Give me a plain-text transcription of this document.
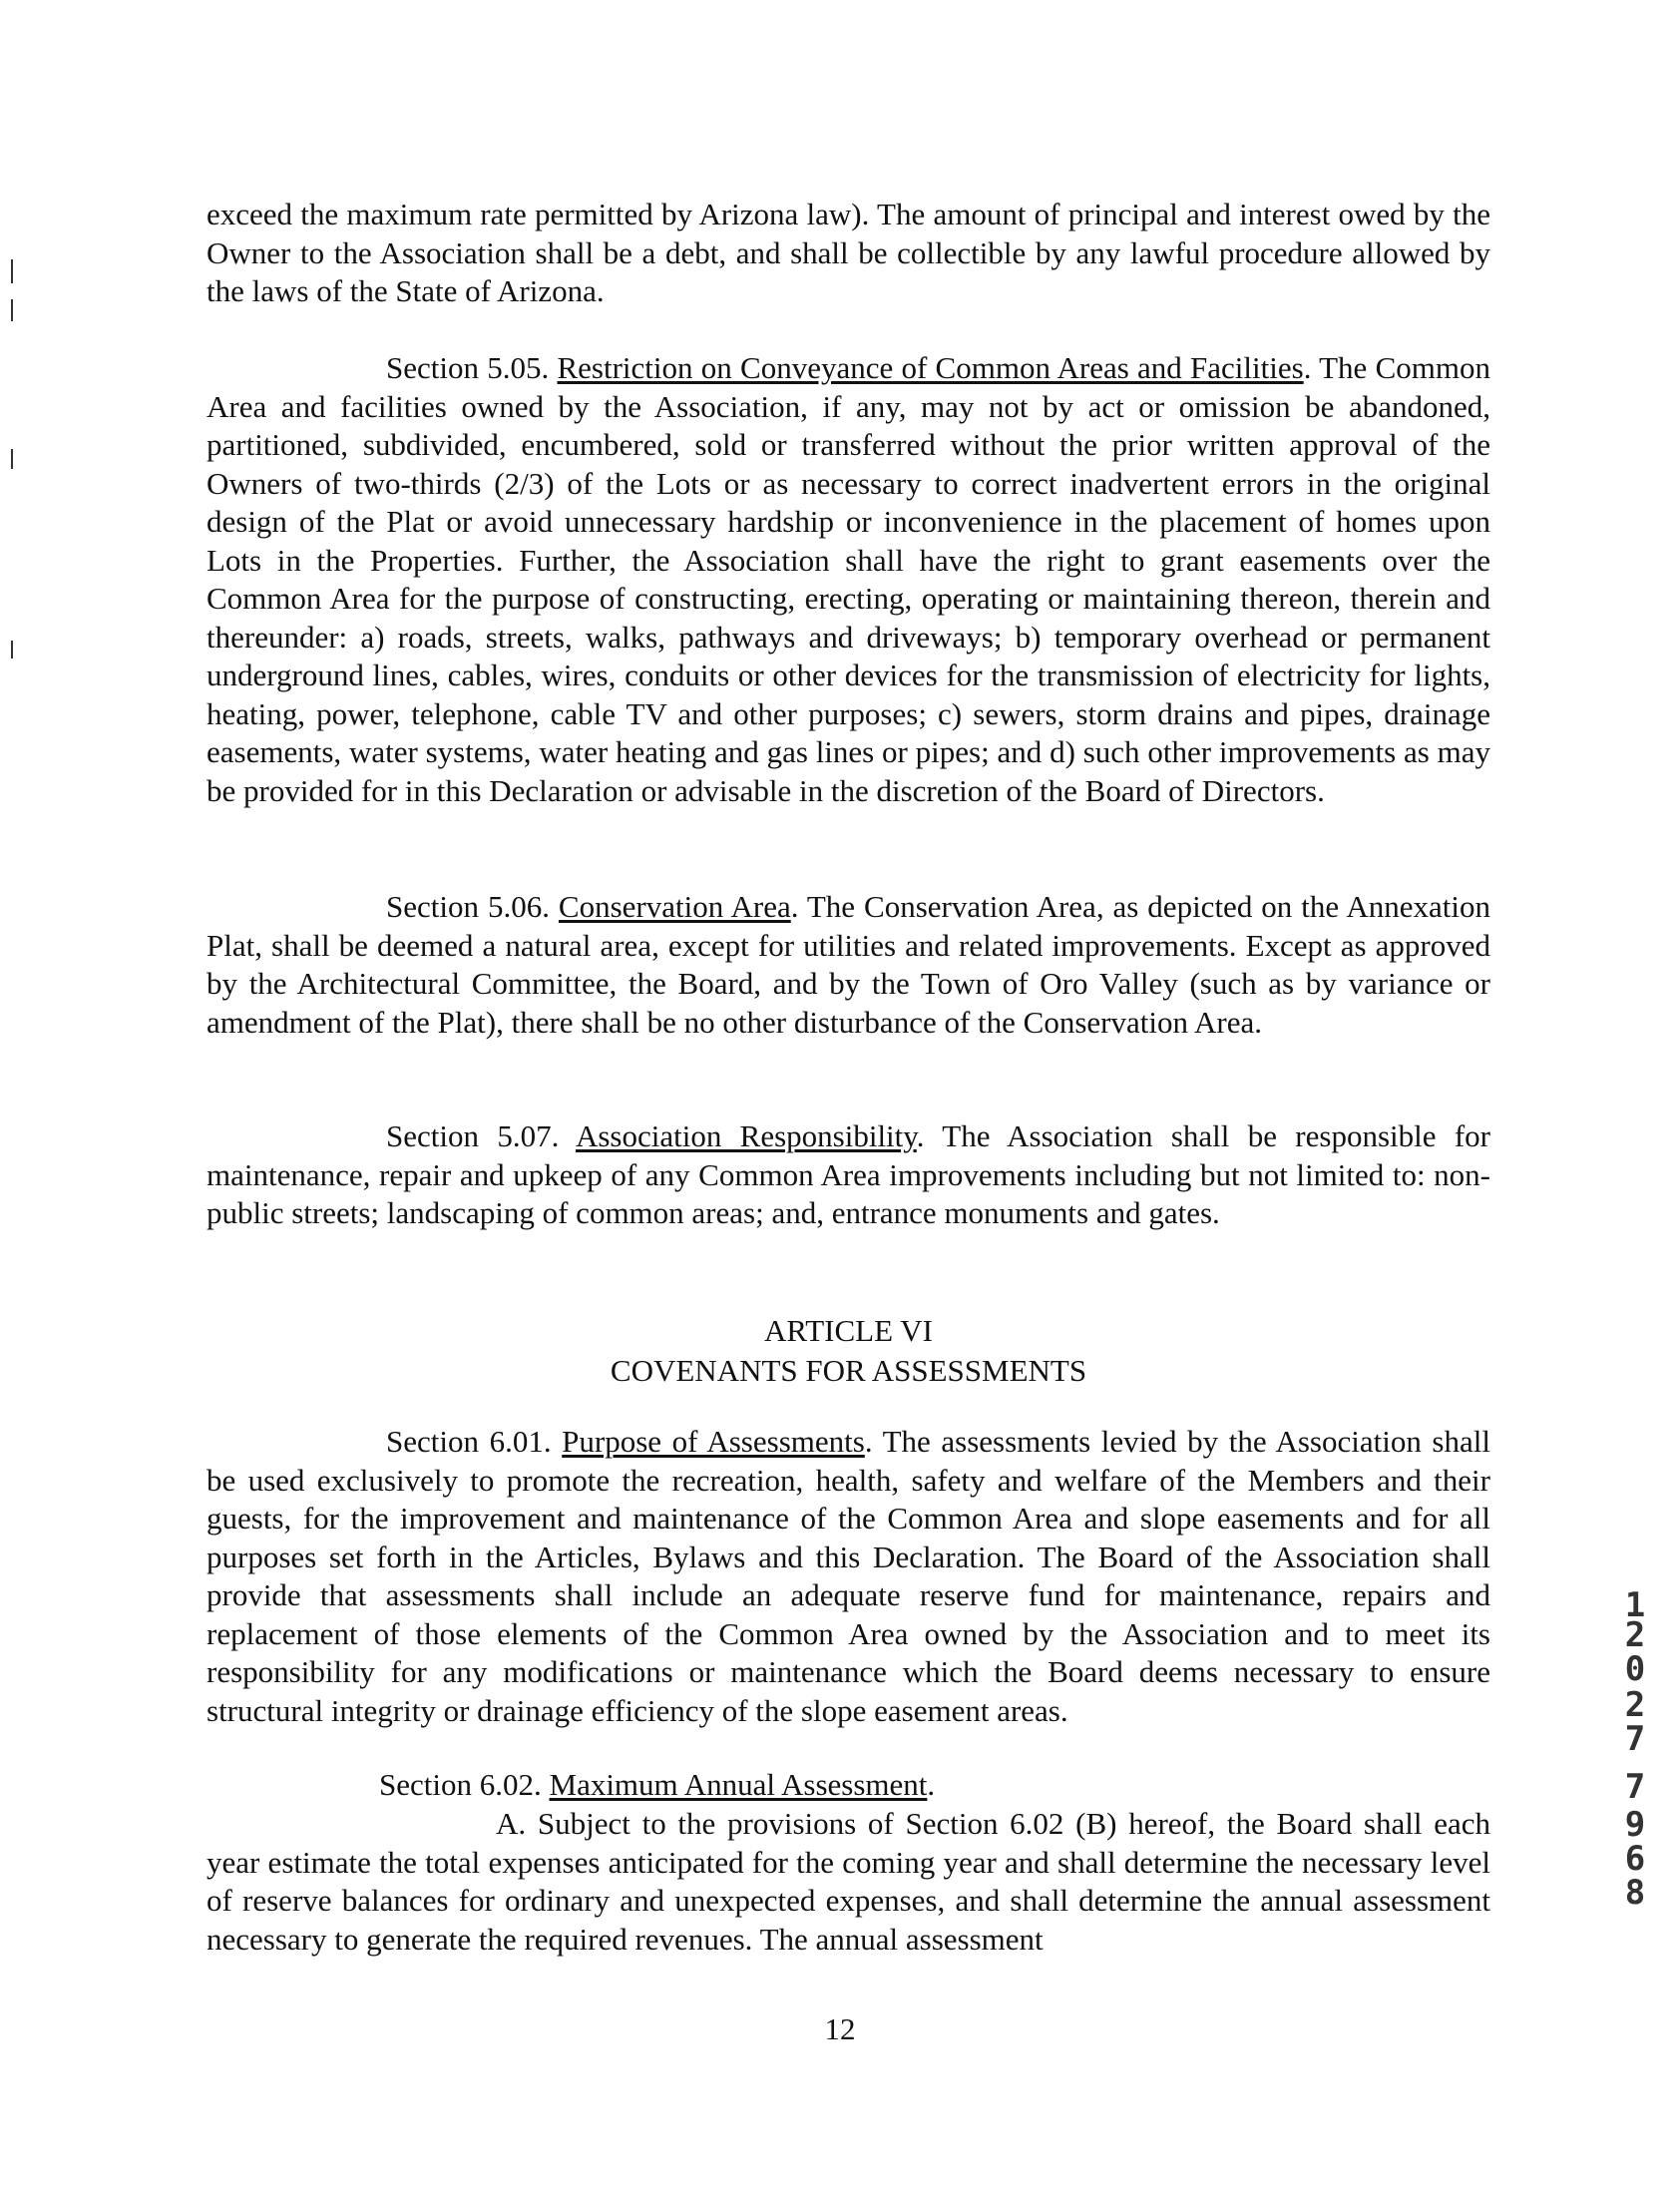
exceed the maximum rate permitted by Arizona law). The amount of principal and interest owed by the Owner to the Association shall be a debt, and shall be collectible by any lawful procedure allowed by the laws of the State of Arizona.

Section 5.05. Restriction on Conveyance of Common Areas and Facilities. The Common Area and facilities owned by the Association, if any, may not by act or omission be abandoned, partitioned, subdivided, encumbered, sold or transferred without the prior written approval of the Owners of two-thirds (2/3) of the Lots or as necessary to correct inadvertent errors in the original design of the Plat or avoid unnecessary hardship or inconvenience in the placement of homes upon Lots in the Properties. Further, the Association shall have the right to grant easements over the Common Area for the purpose of constructing, erecting, operating or maintaining thereon, therein and thereunder: a) roads, streets, walks, pathways and driveways; b) temporary overhead or permanent underground lines, cables, wires, conduits or other devices for the transmission of electricity for lights, heating, power, telephone, cable TV and other purposes; c) sewers, storm drains and pipes, drainage easements, water systems, water heating and gas lines or pipes; and d) such other improvements as may be provided for in this Declaration or advisable in the discretion of the Board of Directors.

Section 5.06. Conservation Area. The Conservation Area, as depicted on the Annexation Plat, shall be deemed a natural area, except for utilities and related improvements. Except as approved by the Architectural Committee, the Board, and by the Town of Oro Valley (such as by variance or amendment of the Plat), there shall be no other disturbance of the Conservation Area.

Section 5.07. Association Responsibility. The Association shall be responsible for maintenance, repair and upkeep of any Common Area improvements including but not limited to: non-public streets; landscaping of common areas; and, entrance monuments and gates.

ARTICLE VI

COVENANTS FOR ASSESSMENTS

Section 6.01. Purpose of Assessments. The assessments levied by the Association shall be used exclusively to promote the recreation, health, safety and welfare of the Members and their guests, for the improvement and maintenance of the Common Area and slope easements and for all purposes set forth in the Articles, Bylaws and this Declaration. The Board of the Association shall provide that assessments shall include an adequate reserve fund for maintenance, repairs and replacement of those elements of the Common Area owned by the Association and to meet its responsibility for any modifications or maintenance which the Board deems necessary to ensure structural integrity or drainage efficiency of the slope easement areas.

Section 6.02. Maximum Annual Assessment.

A. Subject to the provisions of Section 6.02 (B) hereof, the Board shall each year estimate the total expenses anticipated for the coming year and shall determine the necessary level of reserve balances for ordinary and unexpected expenses, and shall determine the annual assessment necessary to generate the required revenues. The annual assessment

1

2

0

2

7

7

9

6

8

12
